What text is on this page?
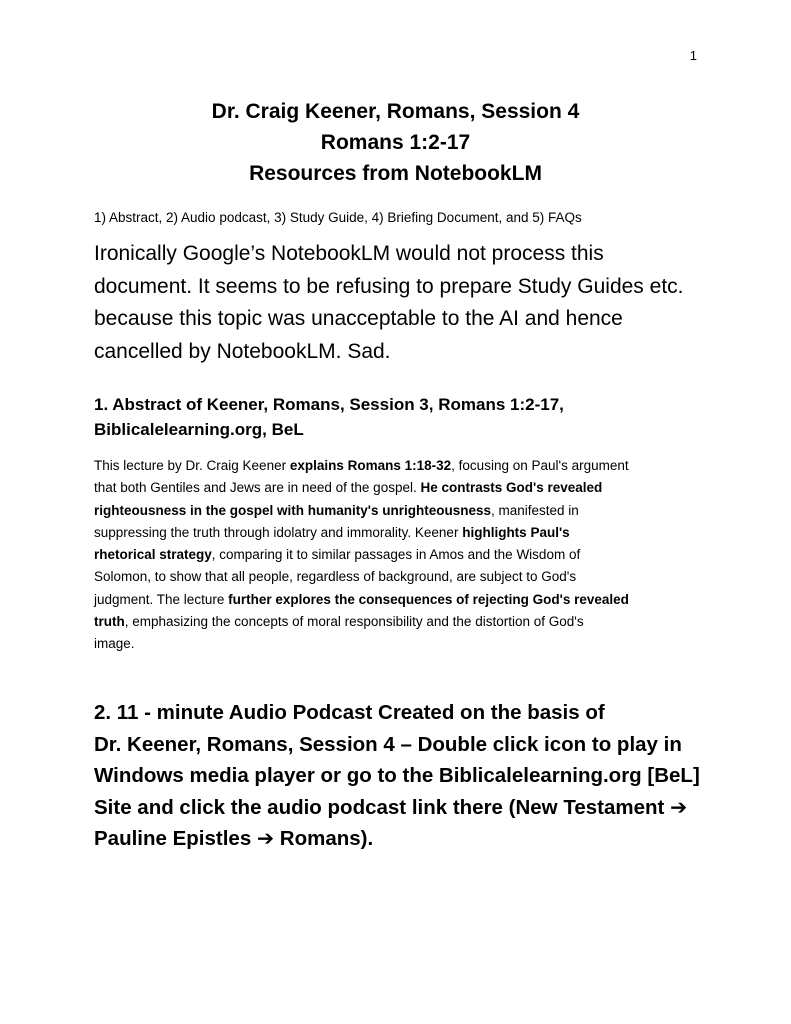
1
Dr. Craig Keener, Romans, Session 4
Romans 1:2-17
Resources from NotebookLM
1) Abstract, 2) Audio podcast, 3) Study Guide, 4) Briefing Document, and 5) FAQs
Ironically Google’s NotebookLM would not process this
document. It seems to be refusing to prepare Study Guides etc.
because this topic was unacceptable to the AI and hence
cancelled by NotebookLM. Sad.
1. Abstract of Keener, Romans, Session 3, Romans 1:2-17,
Biblicalelearning.org, BeL
This lecture by Dr. Craig Keener explains Romans 1:18-32, focusing on Paul's argument
that both Gentiles and Jews are in need of the gospel. He contrasts God's revealed
righteousness in the gospel with humanity's unrighteousness, manifested in
suppressing the truth through idolatry and immorality. Keener highlights Paul's
rhetorical strategy, comparing it to similar passages in Amos and the Wisdom of
Solomon, to show that all people, regardless of background, are subject to God's
judgment. The lecture further explores the consequences of rejecting God's revealed
truth, emphasizing the concepts of moral responsibility and the distortion of God's
image.
2. 11 - minute Audio Podcast Created on the basis of
Dr. Keener, Romans, Session 4 – Double click icon to play in
Windows media player or go to the Biblicalelearning.org [BeL]
Site and click the audio podcast link there (New Testament ➔
Pauline Epistles ➔ Romans).
